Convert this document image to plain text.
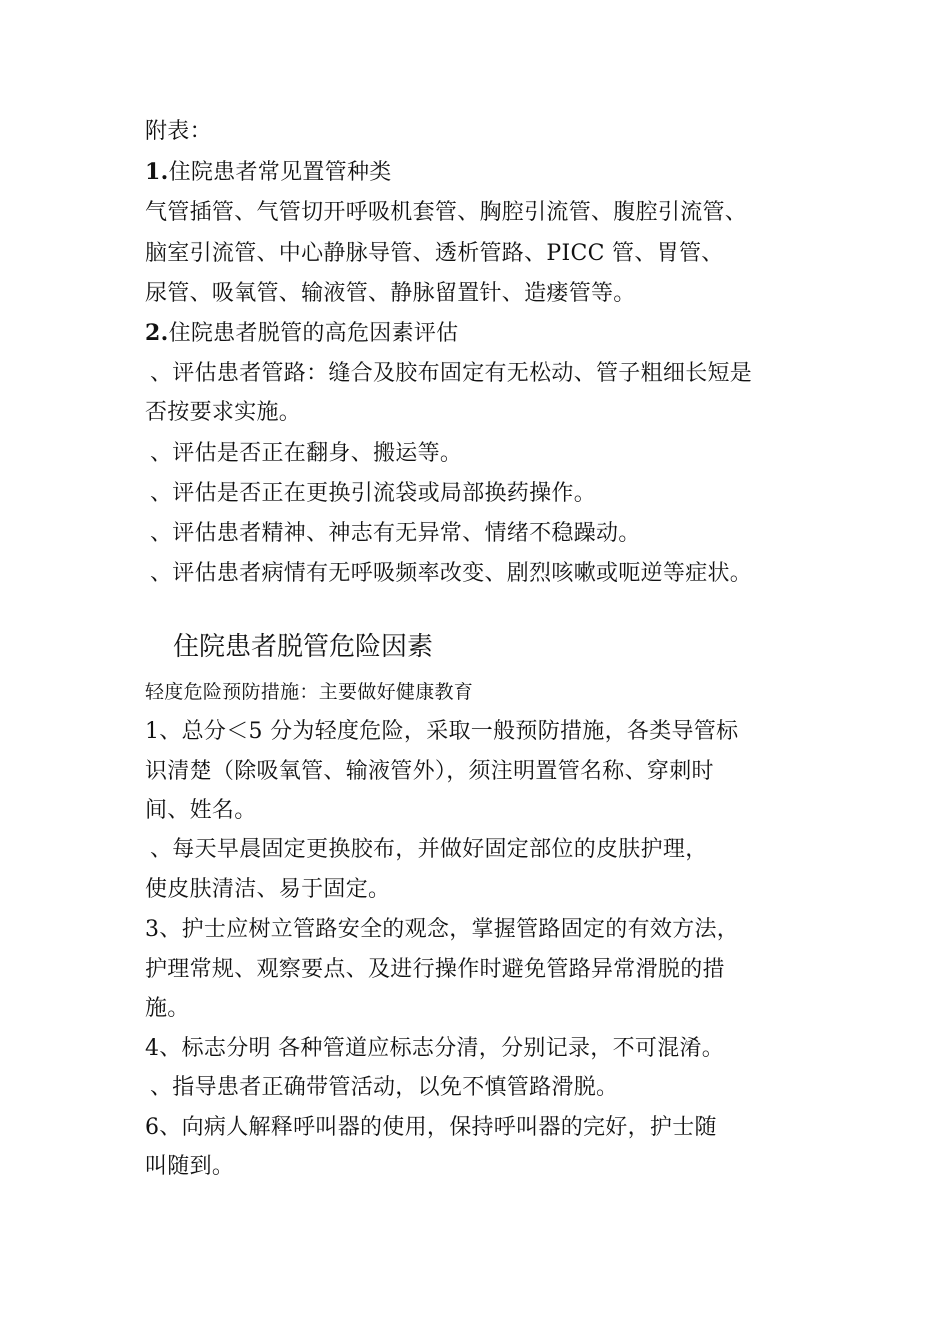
附表：
1.住院患者常见置管种类
气管插管、气管切开呼吸机套管、胸腔引流管、腹腔引流管、
脑室引流管、中心静脉导管、透析管路、PICC 管、胃管、
尿管、吸氧管、输液管、静脉留置针、造瘘管等。
2.住院患者脱管的高危因素评估
、评估患者管路：缝合及胶布固定有无松动、管子粗细长短是
否按要求实施。
、评估是否正在翻身、搬运等。
、评估是否正在更换引流袋或局部换药操作。
、评估患者精神、神志有无异常、情绪不稳躁动。
、评估患者病情有无呼吸频率改变、剧烈咳嗽或呃逆等症状。
住院患者脱管危险因素
轻度危险预防措施：主要做好健康教育
1、总分＜5 分为轻度危险，采取一般预防措施，各类导管标
识清楚（除吸氧管、输液管外），须注明置管名称、穿刺时
间、姓名。
、每天早晨固定更换胶布，并做好固定部位的皮肤护理，
使皮肤清洁、易于固定。
3、护士应树立管路安全的观念，掌握管路固定的有效方法，
护理常规、观察要点、及进行操作时避免管路异常滑脱的措
施。
4、标志分明 各种管道应标志分清，分别记录，不可混淆。
、指导患者正确带管活动，以免不慎管路滑脱。
6、向病人解释呼叫器的使用，保持呼叫器的完好，护士随
叫随到。
